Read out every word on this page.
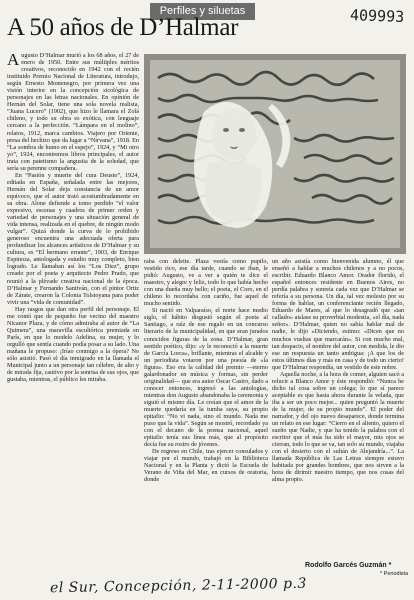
Perfiles y siluetas	409993
A 50 años de D’Halmar
A ugusto D’Halmar murió a los 68 años, el 27 de enero de 1950. Entre sus múltiples méritos creativos, reconocido en 1942 con el recién instituido Premio Nacional de Literatura, introdujo, según Ernesto Montenegro, por primera vez una visión interior en la concepción sicológica de personajes en las letras nacionales. En opinión de Hernán del Solar, tiene una sola novela realista, “Juana Lucero” (1902), que hizo le llamara el Zolá chileno, y todo su obra es exótica, con lenguaje cercano a la perfección. “Lámpara en el molino”, relatos, 1912, marca cambios. Viajero por Oriente, presa del hechizo que da lugar a “Nirvana”, 1918. En “La sombra de humo en el espejo”, 1924, y “Mi otro yo”, 1924, encontremos libros principales, el autor trata con patetismo la angustia de la soledad, que sería su perenne compañera.

En “Pasión y muerte del cura Deusto”, 1924, editada en España, señalada entre las mejores, Hernán del Solar deja constancia de un amor equívoco, que el autor trató acostumbradamente en su obra. Alone defiende a tomo perdido “el valor expresivo, escenas y cuadros de primer orden y variedad de personajes y una situación general de vida intensa, realizada en el quebre, de ningún modo vulgar”. Quizá donde la curva de lo prohibido generoso encuentra una adecuada oferta para profundizar los alcances artísticos de D’Halmar y su cultura, es “El hermano errante”, 1903, de Enrique Espinoza, antologada y estudio muy completo, bien logrado. Le llamaban así los “Los Diez”, grupo creado por el poeta y arquitecto Pedro Prado, que reunió a la plévade creativa nacional de la época. D’Halmar y Fernando Santiván, con el pintor Ortiz de Zárate, crearon la Colonia Tolstoyana para poder vivir una “vida de comunidad”.

Hay rasgos que dan otra perfil del personaje. El me contó que de pequeño fue vecino del maestro Nicanor Plaza, y de cómo admiraba al autor de “La Quimera”, una maravilla escultórica premiada en París, en que lo modelo Adelina, su mujer, y lo orgulló que sentía cuando podía posar a su lado. Una mañana le propuso: ¡Iríao conmigo a la ópera? No sólo asistió. Pasó el día inmigrado en la llamada el Municipal junto a un personaje tan célebre, de alto y de mirada fija, cautivo por la sonrisa de sus ojos, que gustaba, mientras, el público les miraba.

raba con deleite. Plaza vestía como pupilo, vestido rico, ese día tarde, cuando se iban, le pidió: Augusto, ve a ver a quién te dice el maestro, y alegre y feliz, todo lo que había hecho con una dueña muy bello; el poeta, el Coro, en el chileno lo recordaba con cariño, fue aquel de mucho sentido.

Si nació en Valparaíso, el norte hace medio siglo, el hábito disgustó según el poeta al Santiago, a raíz de ese regalo en un concurso literario de la municipalidad, en que eran jurados conocidos figuras de la zona. D’Halmar, gran sentido poético, dijo: «y le reconoció a la muerte de García Lorca», brillante, mientras el alcalde y un periodista votaron por una poesía de «la figura». Eso era la calidad del premio —eterno galardonador en música y formas, sin perder originalidad— que era autor Óscar Castro, dado a conocer entonces, ingresó a las antologías, mientras don Augusto abandonaba la ceremonia y siguió el mismo día. Le creían que el amor de la muerte quedaría en la tumba suya, su propio epitafio: “No vi nada, sino el mundo. Nada me puso que la vida”. Según se mostró, recordado ya con el decano de la prensa nacional, aquel epitafio tenía sus línea más, que al propósito decía fue su rostro de jóvenes.

De regreso en Chile, tras ejercer consulados y viajar por el mundo, trabajó en la Biblioteca Nacional y en la Planta y dictó la Escuela de Verano de Viña del Mar, en cursos de oratoria, donde

un año asistía como bienvenida alumno, él que enseñó a hablar a muchos chilenos y a no pocos, escribir. Eduardo Blanco Amor. Orador florido, el español entonces residente en Buenos Aires, no perdía palabra y sonreía cada vez que D’Halmar se refería a su persona. Un día, tal vez molesto por su forma de hablar, un conferenciante recién llegado, Eduardo de Mares, al que lo desagradó que «tan callado» aislase su proverbial modestia, «el día, nada señor». D’Halmar, quien no sabía hablar mal de nadie, le dijo «Diciendo, estimo: «Dicen que no muchos vueltas que marcarán». Si con mucho mal, tan despacio, el nombre del autor, con medida, le dio ese un respuesta un tanto ambigua: ¡A que los de estos últimos días y más en casa y de todo un cierto! que D’Halmar respondía, un vestido de este nobre.

Aquella noche, a la hora de comer, alguien sacó a relucir a Blanco Amor y éste respondió: “Nunca he dicho tal cosa sobre un colega; lo que sí parece aceptable es que hasta ahora durante la velada, que iba a ser un poco mejor... quien preguntó la muerte de la mujer, de su propio mundo”. El poder del narrador, y del ojo nuevo desaparece, donde termina un relato en ese lugar: “Cierro en el aliento, quiero el sueño que Nadie, y que ha tenido la palabra con el escritor que el más ha sido el mayor, mis ojos se cierran, todo lo que se va, tan solo su mundo, viajaba con el desierto con el sultán de Alejandría...”. La llamada República de Las Letras siempre estuvo habitada por grandes hombres, que nos sirven a la hora de dirimir nuestro tiempo, que nos cosas del alma propio.

Rodolfo Garcés Guzmán *
* Periodista
el Sur, Concepción, 2-11-2000 p.3
